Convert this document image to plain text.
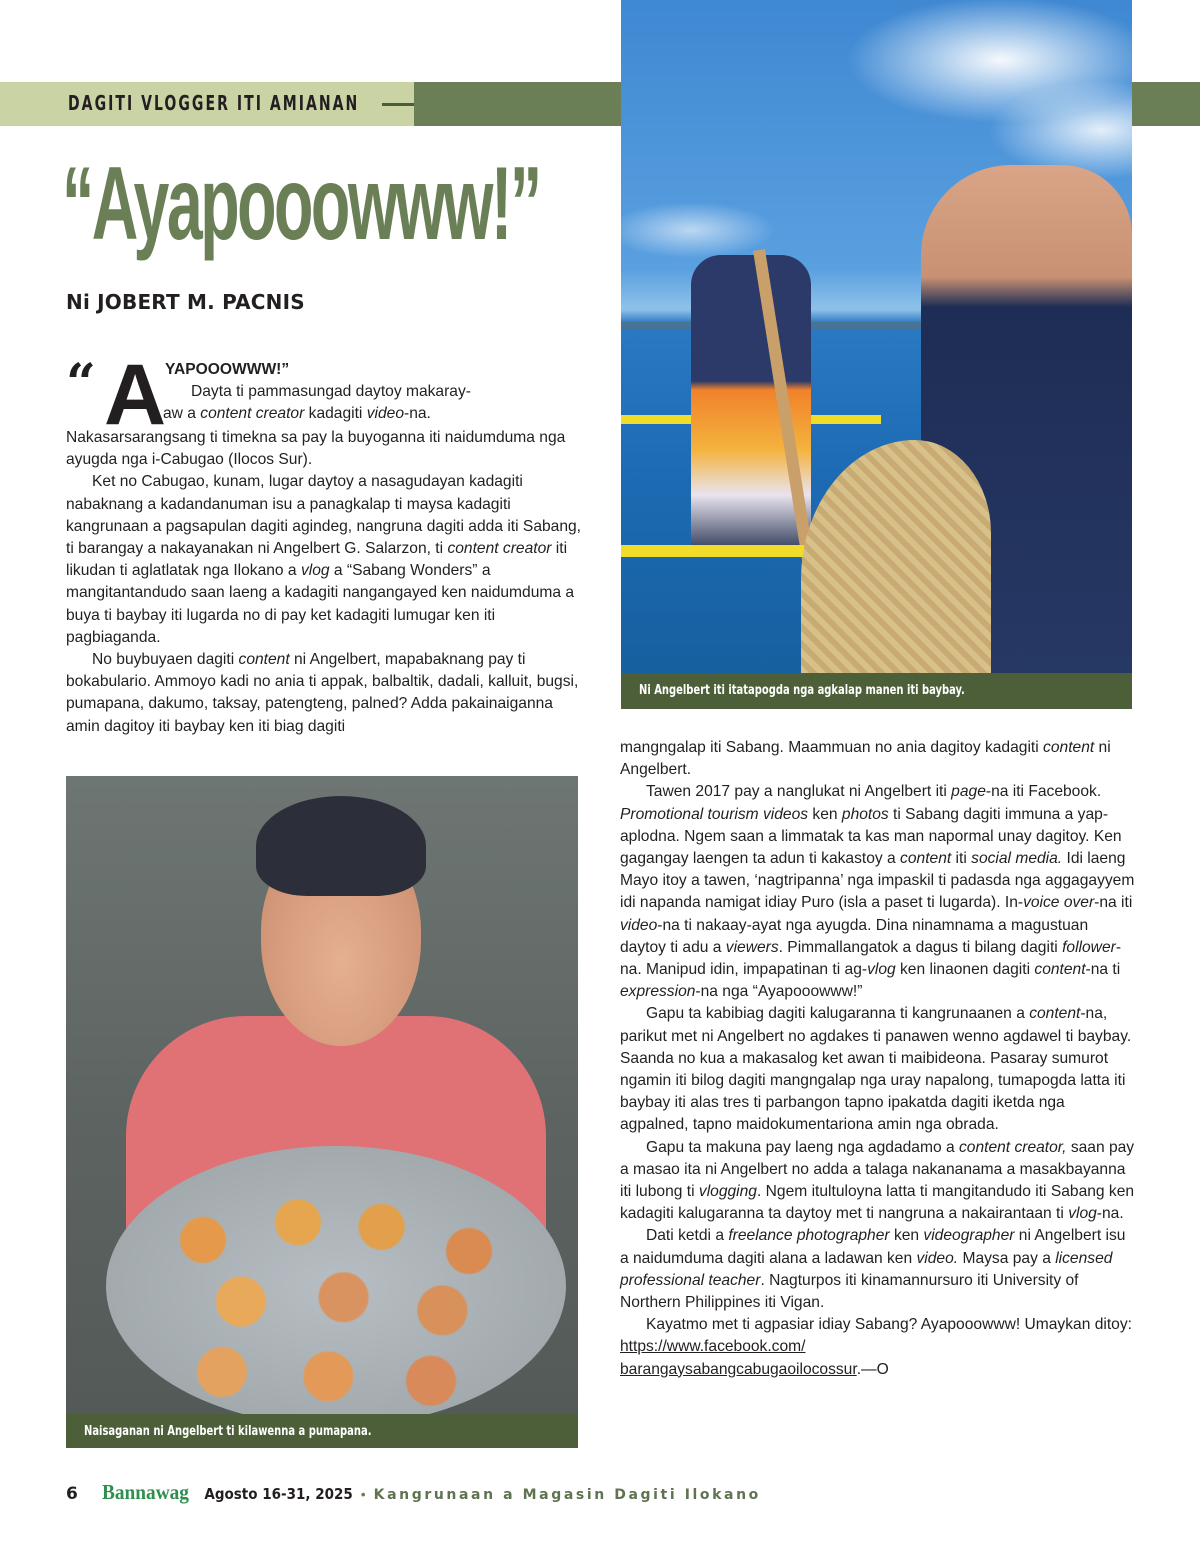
DAGITI VLOGGER ITI AMIANAN
“Ayapooowww!”
Ni JOBERT M. PACNIS
“ A
YAPOOOWWW!”
Dayta ti pammasungad daytoy makaray-
aw a content creator kadagiti video-na.

Nakasarsarangsang ti timekna sa pay la buyoganna iti naidumduma nga ayugda nga i-Cabugao (Ilocos Sur).

Ket no Cabugao, kunam, lugar daytoy a nasagudayan kadagiti nabaknang a kadandanuman isu a panagkalap ti maysa kadagiti kangrunaan a pagsapulan dagiti agindeg, nangruna dagiti adda iti Sabang, ti barangay a nakayanakan ni Angelbert G. Salarzon, ti content creator iti likudan ti aglatlatak nga Ilokano a vlog a “Sabang Wonders” a mangitantandudo saan laeng a kadagiti nangangayed ken naidumduma a buya ti baybay iti lugarda no di pay ket kadagiti lumugar ken iti pagbiaganda.

No buybuyaen dagiti content ni Angelbert, mapabaknang pay ti bokabulario. Ammoyo kadi no ania ti appak, balbaltik, dadali, kalluit, bugsi, pumapana, dakumo, taksay, patengteng, palned? Adda pakainaiganna amin dagitoy iti baybay ken iti biag dagiti

mangngalap iti Sabang. Maammuan no ania dagitoy kadagiti content ni Angelbert.

Tawen 2017 pay a nanglukat ni Angelbert iti page-na iti Facebook. Promotional tourism videos ken photos ti Sabang dagiti immuna a yap-aplodna. Ngem saan a limmatak ta kas man napormal unay dagitoy. Ken gagangay laengen ta adun ti kakastoy a content iti social media. Idi laeng Mayo itoy a tawen, ‘nagtripanna’ nga impaskil ti padasda nga aggagayyem idi napanda namigat idiay Puro (isla a paset ti lugarda). In-voice over-na iti video-na ti nakaay-ayat nga ayugda. Dina ninamnama a magustuan daytoy ti adu a viewers. Pimmallangatok a dagus ti bilang dagiti follower-na. Manipud idin, impapatinan ti ag-vlog ken linaonen dagiti content-na ti expression-na nga “Ayapooowww!”

Gapu ta kabibiag dagiti kalugaranna ti kangrunaanen a content-na, parikut met ni Angelbert no agdakes ti panawen wenno agdawel ti baybay. Saanda no kua a makasalog ket awan ti maibideona. Pasaray sumurot ngamin iti bilog dagiti mangngalap nga uray napalong, tumapogda latta iti baybay iti alas tres ti parbangon tapno ipakatda dagiti iketda nga agpalned, tapno maidokumentariona amin nga obrada.

Gapu ta makuna pay laeng nga agdadamo a content creator, saan pay a masao ita ni Angelbert no adda a talaga nakananama a masakbayanna iti lubong ti vlogging. Ngem itultuloyna latta ti mangitandudo iti Sabang ken kadagiti kalugaranna ta daytoy met ti nangruna a nakairantaan ti vlog-na.

Dati ketdi a freelance photographer ken videographer ni Angelbert isu a naidumduma dagiti alana a ladawan ken video. Maysa pay a licensed professional teacher. Nagturpos iti kinamannursuro iti University of Northern Philippines iti Vigan.

Kayatmo met ti agpasiar idiay Sabang? Ayapooowww! Umaykan ditoy: https://www.facebook.com/
barangaysabangcabugaoilocossur.—O

Ni Angelbert iti itatapogda nga agkalap manen iti baybay.
Naisaganan ni Angelbert ti kilawenna a pumapana.
6 Bannawag Agosto 16-31, 2025 • Kangrunaan a Magasin Dagiti Ilokano
